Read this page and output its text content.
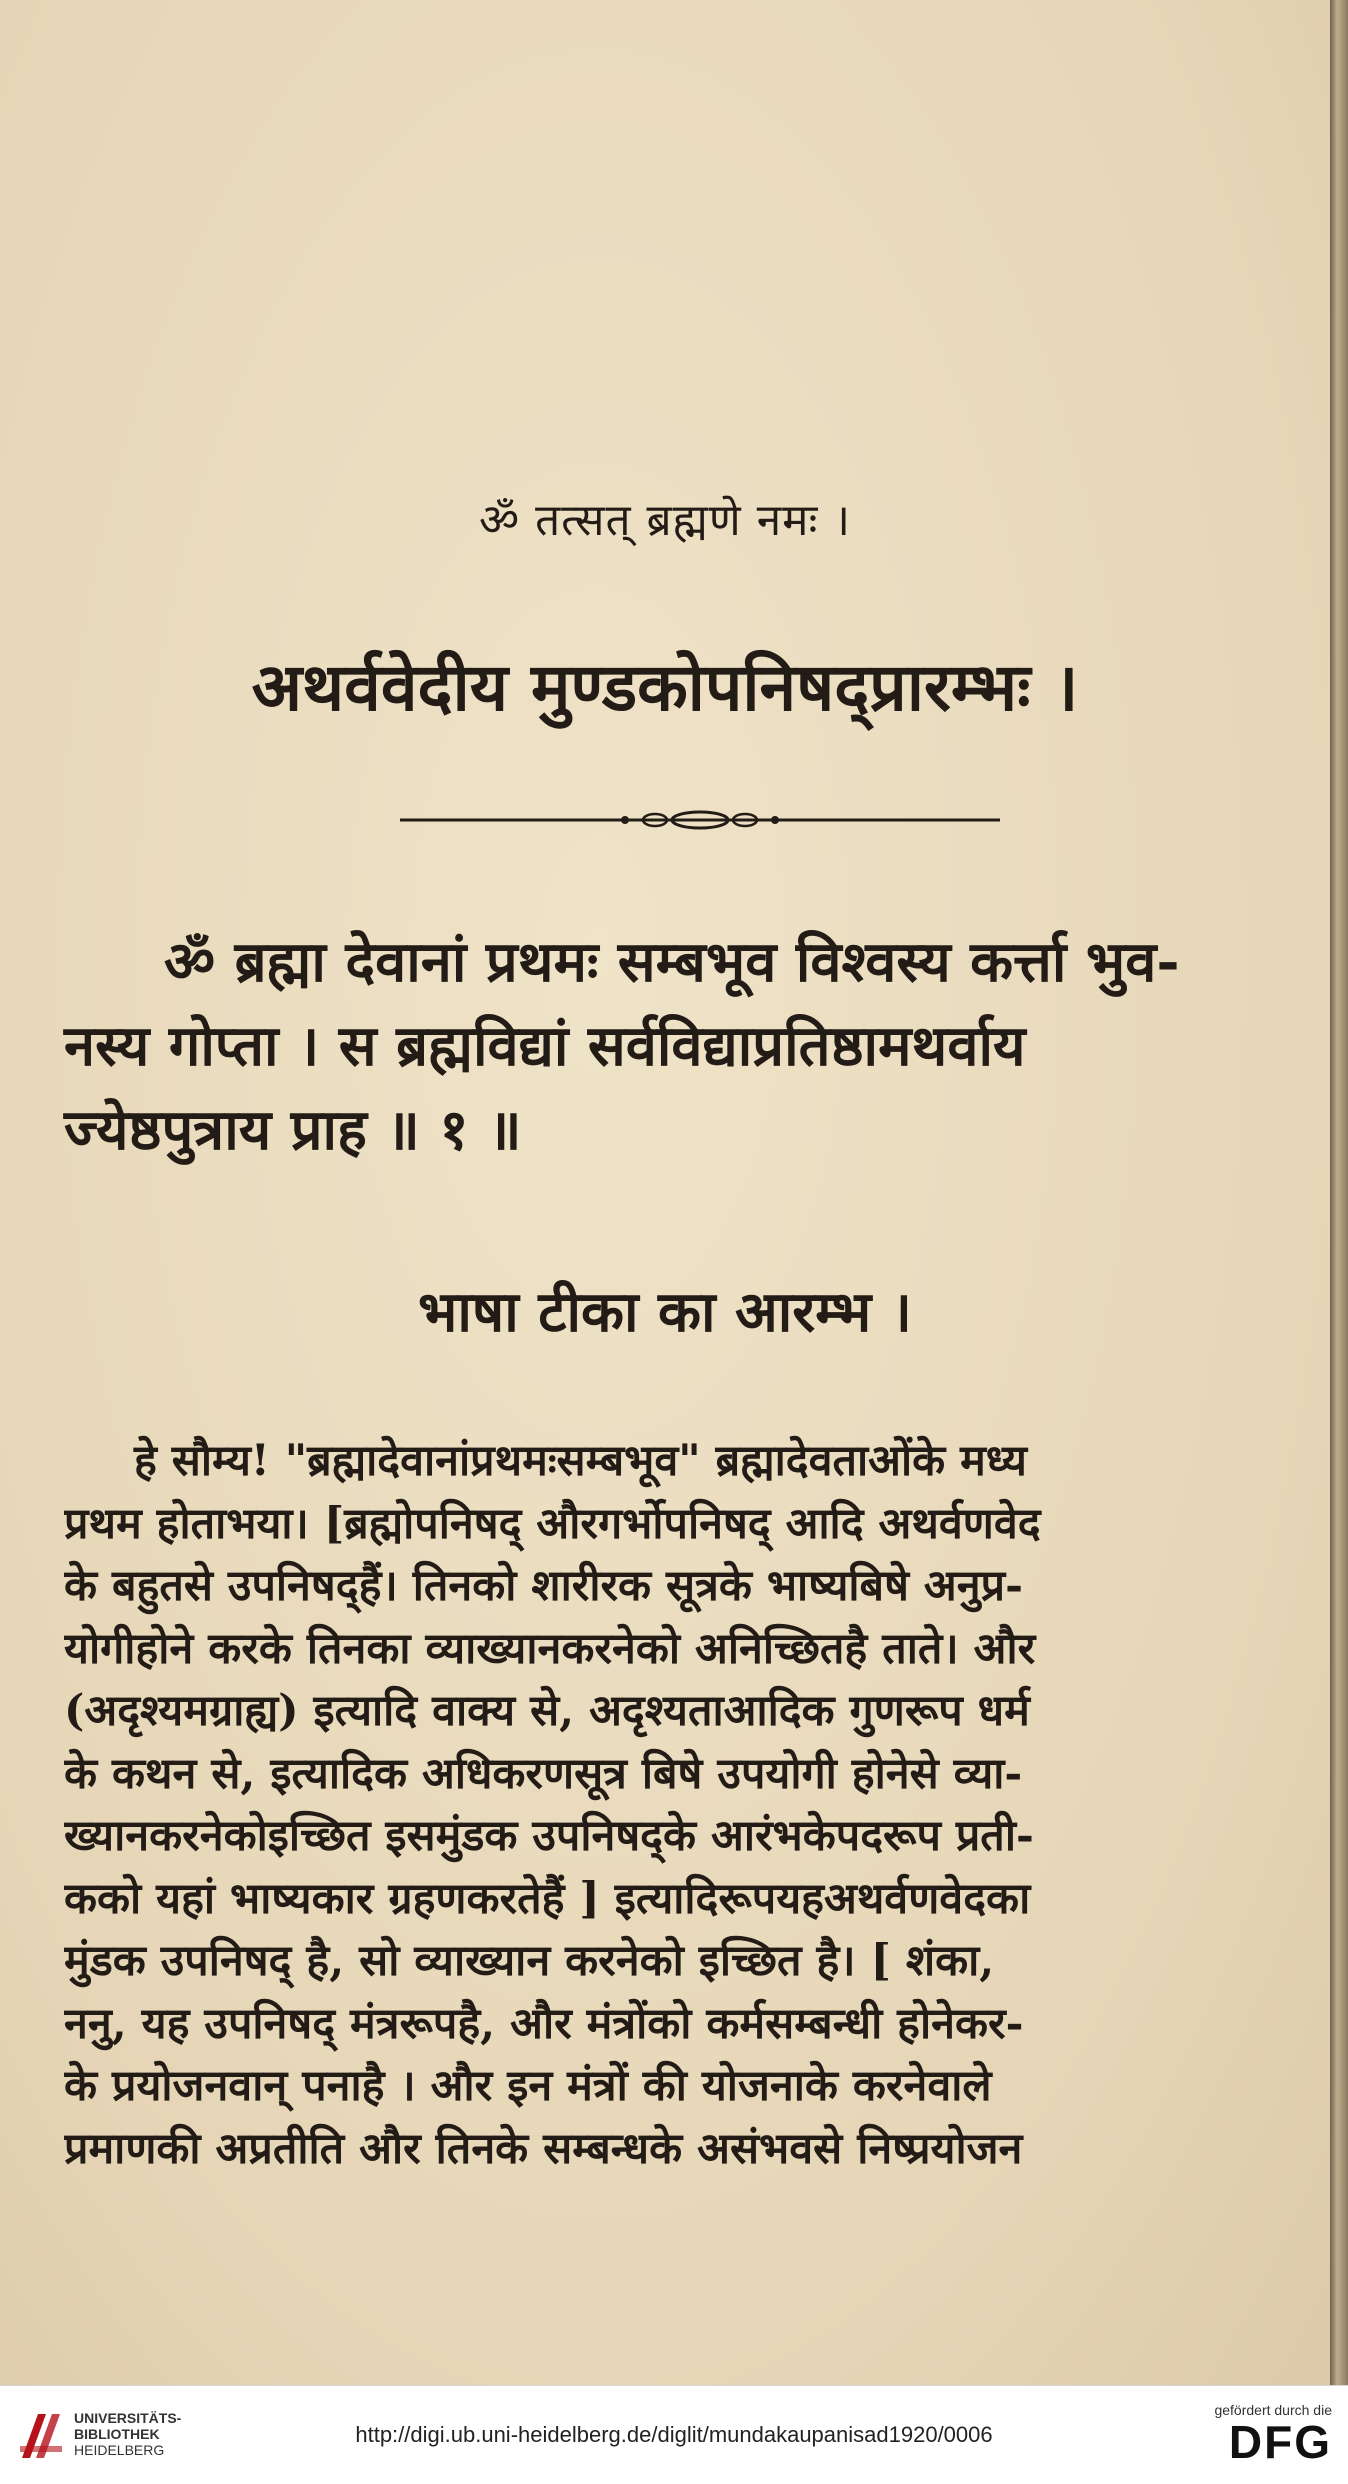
ॐ तत्सत् ब्रह्मणे नमः ।
अथर्ववेदीय मुण्डकोपनिषद्प्रारम्भः ।
ॐ ब्रह्मा देवानां प्रथमः सम्बभूव विश्वस्य कर्त्ता भुव-
नस्य गोप्ता । स ब्रह्मविद्यां सर्वविद्याप्रतिष्ठामथर्वाय
ज्येष्ठपुत्राय प्राह ॥ १ ॥
भाषा टीका का आरम्भ ।
हे सौम्य! "ब्रह्मादेवानांप्रथमःसम्बभूव" ब्रह्मादेवताओंके मध्य
प्रथम होताभया। [ब्रह्मोपनिषद् औरगर्भोपनिषद् आदि अथर्वणवेद
के बहुतसे उपनिषद्हैं। तिनको शारीरक सूत्रके भाष्यबिषे अनुप्र-
योगीहोने करके तिनका व्याख्यानकरनेको अनिच्छितहै ताते। और
(अदृश्यमग्राह्य) इत्यादि वाक्य से, अदृश्यताआदिक गुणरूप धर्म
के कथन से, इत्यादिक अधिकरणसूत्र बिषे उपयोगी होनेसे व्या-
ख्यानकरनेकोइच्छित इसमुंडक उपनिषद्के आरंभकेपदरूप प्रती-
कको यहां भाष्यकार ग्रहणकरतेहैं ] इत्यादिरूपयहअथर्वणवेदका
मुंडक उपनिषद् है, सो व्याख्यान करनेको इच्छित है। [ शंका,
ननु, यह उपनिषद् मंत्ररूपहै, और मंत्रोंको कर्मसम्बन्धी होनेकर-
के प्रयोजनवान् पनाहै । और इन मंत्रों की योजनाके करनेवाले
प्रमाणकी अप्रतीति और तिनके सम्बन्धके असंभवसे निष्प्रयोजन
UNIVERSITÄTS-
BIBLIOTHEK
HEIDELBERG
http://digi.ub.uni-heidelberg.de/diglit/mundakaupanisad1920/0006
gefördert durch die
DFG
